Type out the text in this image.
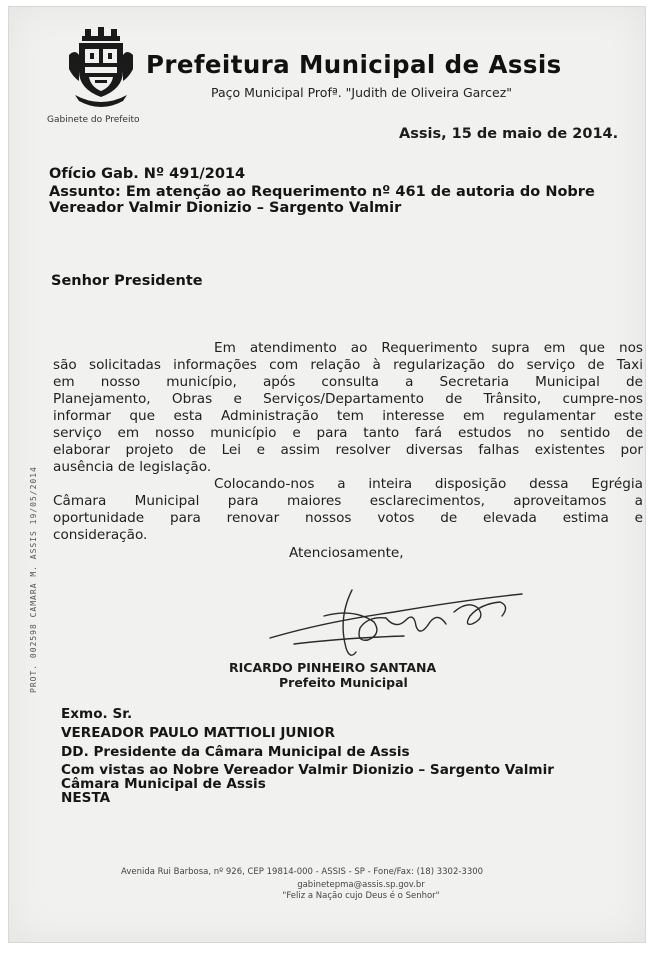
Prefeitura Municipal de Assis
Paço Municipal Profª. "Judith de Oliveira Garcez"
Gabinete do Prefeito
Assis, 15 de maio de 2014.
Ofício Gab. Nº 491/2014
Assunto: Em atenção ao Requerimento nº 461 de autoria do Nobre
Vereador Valmir Dionizio – Sargento Valmir
Senhor Presidente
Em atendimento ao Requerimento supra em que nos
são solicitadas informações com relação à regularização do serviço de Taxi
em nosso município, após consulta a Secretaria Municipal de
Planejamento, Obras e Serviços/Departamento de Trânsito, cumpre-nos
informar que esta Administração tem interesse em regulamentar este
serviço em nosso município e para tanto fará estudos no sentido de
elaborar projeto de Lei e assim resolver diversas falhas existentes por
ausência de legislação.
Colocando-nos a inteira disposição dessa Egrégia
Câmara Municipal para maiores esclarecimentos, aproveitamos a
oportunidade para renovar nossos votos de elevada estima e
consideração.
Atenciosamente,
PROT. 002598 CAMARA M. ASSIS 19/05/2014	RICARDO PINHEIRO SANTANA
Prefeito Municipal
Exmo. Sr.
VEREADOR PAULO MATTIOLI JUNIOR
DD. Presidente da Câmara Municipal de Assis
Com vistas ao Nobre Vereador Valmir Dionizio – Sargento Valmir
Câmara Municipal de Assis
NESTA
Avenida Rui Barbosa, nº 926, CEP 19814-000 - ASSIS - SP - Fone/Fax: (18) 3302-3300
gabinetepma@assis.sp.gov.br
"Feliz a Nação cujo Deus é o Senhor"
